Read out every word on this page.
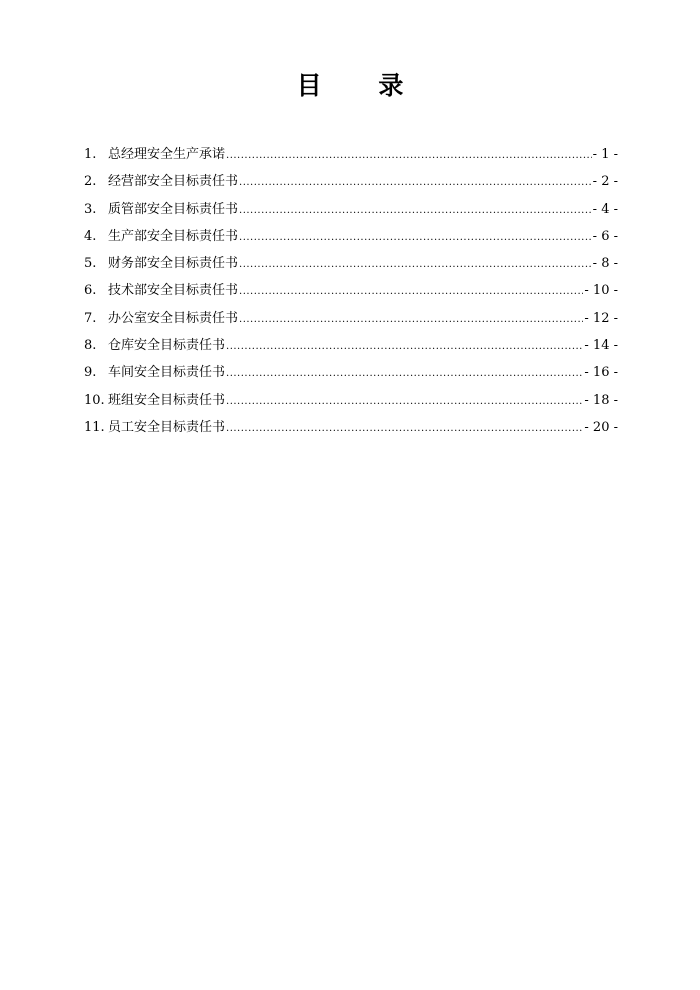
目 录
1. 总经理安全生产承诺 .....	- 1 -
2. 经营部安全目标责任书 .....	- 2 -
3. 质管部安全目标责任书 .....	- 4 -
4. 生产部安全目标责任书 .....	- 6 -
5. 财务部安全目标责任书 .....	- 8 -
6. 技术部安全目标责任书 .....	- 10 -
7. 办公室安全目标责任书 .....	- 12 -
8. 仓库安全目标责任书 .....	- 14 -
9. 车间安全目标责任书 .....	- 16 -
10. 班组安全目标责任书 .....	- 18 -
11. 员工安全目标责任书 .....	- 20 -
